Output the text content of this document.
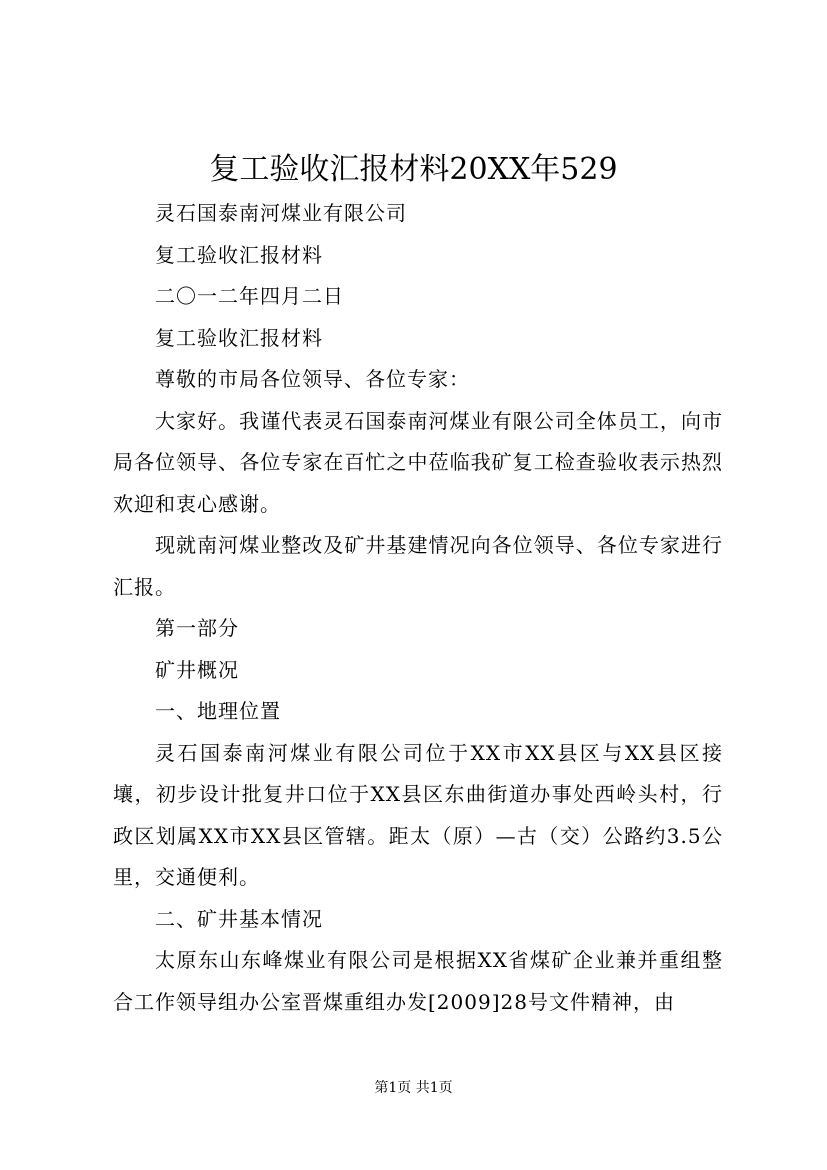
复工验收汇报材料20XX年529

灵石国泰南河煤业有限公司

复工验收汇报材料

二〇一二年四月二日

复工验收汇报材料

尊敬的市局各位领导、各位专家：

大家好。我谨代表灵石国泰南河煤业有限公司全体员工，向市局各位领导、各位专家在百忙之中莅临我矿复工检查验收表示热烈欢迎和衷心感谢。

现就南河煤业整改及矿井基建情况向各位领导、各位专家进行汇报。

第一部分

矿井概况

一、地理位置

灵石国泰南河煤业有限公司位于XX市XX县区与XX县区接壤，初步设计批复井口位于XX县区东曲街道办事处西岭头村，行政区划属XX市XX县区管辖。距太（原）—古（交）公路约3.5公里，交通便利。

二、矿井基本情况

太原东山东峰煤业有限公司是根据XX省煤矿企业兼并重组整合工作领导组办公室晋煤重组办发[2009]28号文件精神，由

第1页 共1页
